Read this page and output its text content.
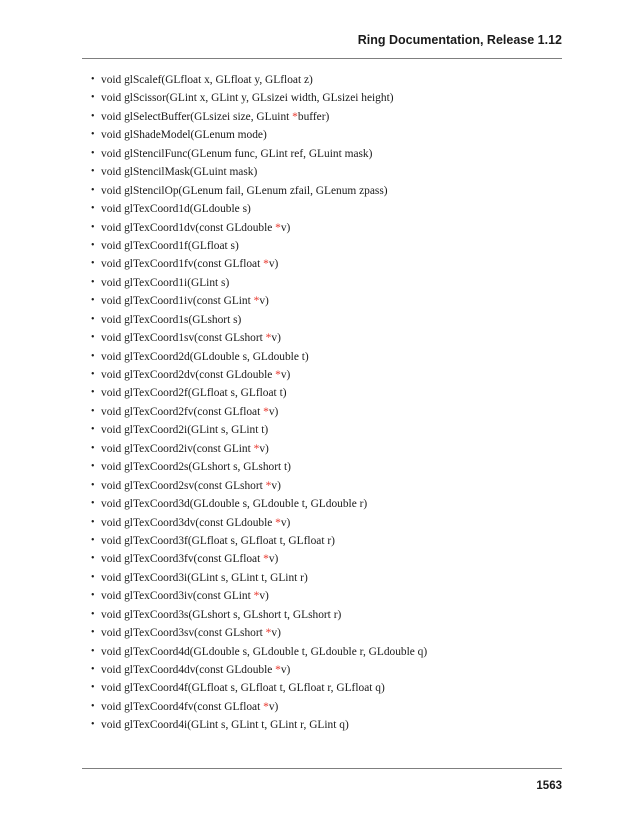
Ring Documentation, Release 1.12
• void glScalef(GLfloat x, GLfloat y, GLfloat z)
• void glScissor(GLint x, GLint y, GLsizei width, GLsizei height)
• void glSelectBuffer(GLsizei size, GLuint *buffer)
• void glShadeModel(GLenum mode)
• void glStencilFunc(GLenum func, GLint ref, GLuint mask)
• void glStencilMask(GLuint mask)
• void glStencilOp(GLenum fail, GLenum zfail, GLenum zpass)
• void glTexCoord1d(GLdouble s)
• void glTexCoord1dv(const GLdouble *v)
• void glTexCoord1f(GLfloat s)
• void glTexCoord1fv(const GLfloat *v)
• void glTexCoord1i(GLint s)
• void glTexCoord1iv(const GLint *v)
• void glTexCoord1s(GLshort s)
• void glTexCoord1sv(const GLshort *v)
• void glTexCoord2d(GLdouble s, GLdouble t)
• void glTexCoord2dv(const GLdouble *v)
• void glTexCoord2f(GLfloat s, GLfloat t)
• void glTexCoord2fv(const GLfloat *v)
• void glTexCoord2i(GLint s, GLint t)
• void glTexCoord2iv(const GLint *v)
• void glTexCoord2s(GLshort s, GLshort t)
• void glTexCoord2sv(const GLshort *v)
• void glTexCoord3d(GLdouble s, GLdouble t, GLdouble r)
• void glTexCoord3dv(const GLdouble *v)
• void glTexCoord3f(GLfloat s, GLfloat t, GLfloat r)
• void glTexCoord3fv(const GLfloat *v)
• void glTexCoord3i(GLint s, GLint t, GLint r)
• void glTexCoord3iv(const GLint *v)
• void glTexCoord3s(GLshort s, GLshort t, GLshort r)
• void glTexCoord3sv(const GLshort *v)
• void glTexCoord4d(GLdouble s, GLdouble t, GLdouble r, GLdouble q)
• void glTexCoord4dv(const GLdouble *v)
• void glTexCoord4f(GLfloat s, GLfloat t, GLfloat r, GLfloat q)
• void glTexCoord4fv(const GLfloat *v)
• void glTexCoord4i(GLint s, GLint t, GLint r, GLint q)
1563
